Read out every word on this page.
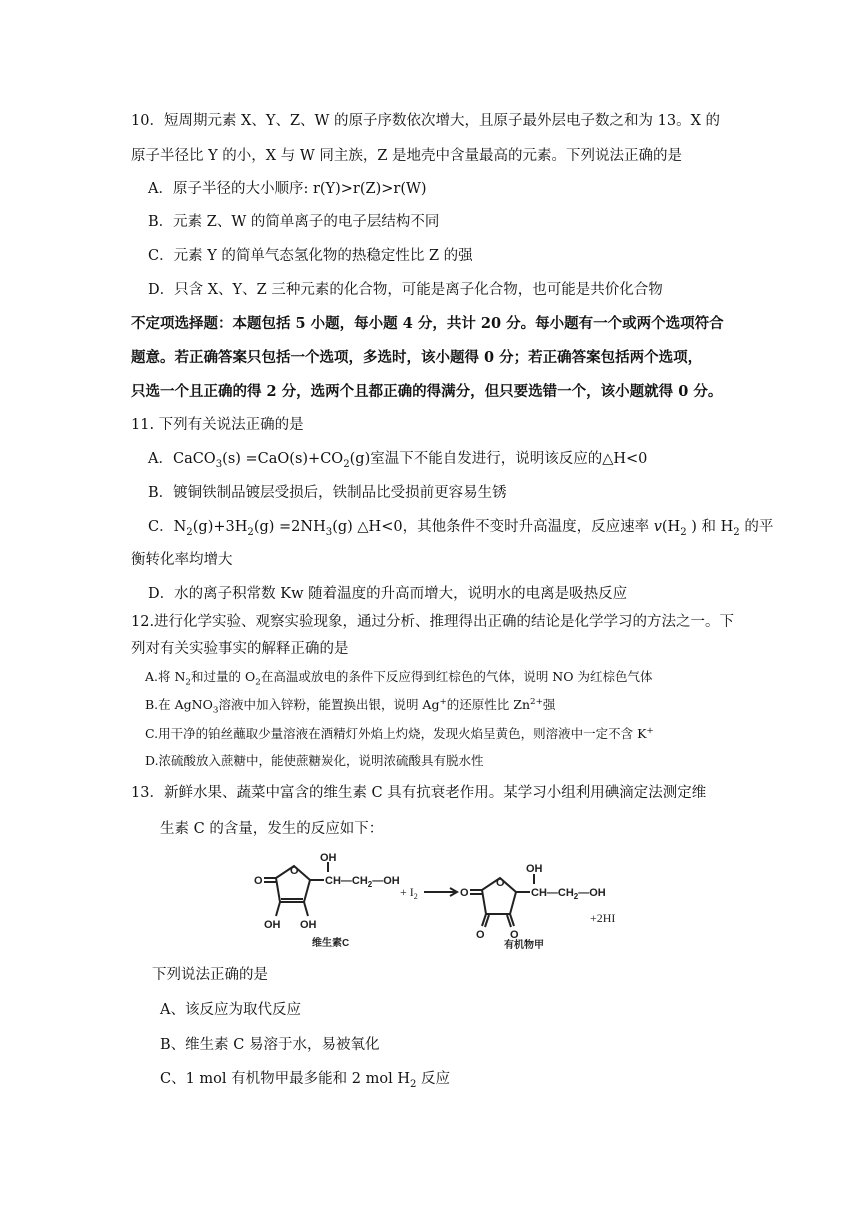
10．短周期元素 X、Y、Z、W 的原子序数依次增大，且原子最外层电子数之和为 13。X 的
原子半径比 Y 的小，X 与 W 同主族，Z 是地壳中含量最高的元素。下列说法正确的是
A．原子半径的大小顺序: r(Y)>r(Z)>r(W)
B．元素 Z、W 的简单离子的电子层结构不同
C．元素 Y 的简单气态氢化物的热稳定性比 Z 的强
D．只含 X、Y、Z 三种元素的化合物，可能是离子化合物，也可能是共价化合物
不定项选择题：本题包括 5 小题，每小题 4 分，共计 20 分。每小题有一个或两个选项符合
题意。若正确答案只包括一个选项，多选时，该小题得 0 分；若正确答案包括两个选项，
只选一个且正确的得 2 分，选两个且都正确的得满分，但只要选错一个，该小题就得 0 分。
11. 下列有关说法正确的是
A．CaCO$_3$(s) $=CaO(s)+CO_2(g)$室温下不能自发进行，说明该反应的△H<0
B．镀铜铁制品镀层受损后，铁制品比受损前更容易生锈
C．$N_2(g)+3H_2(g) =2NH_3(g)$ △H<0，其他条件不变时升高温度，反应速率 $v(H_2$ ) 和 $H_2$ 的平
衡转化率均增大
D．水的离子积常数 Kw 随着温度的升高而增大，说明水的电离是吸热反应
12.进行化学实验、观察实验现象，通过分析、推理得出正确的结论是化学学习的方法之一。下
列对有关实验事实的解释正确的是
A.将 $N_2$和过量的 $O_2$在高温或放电的条件下反应得到红棕色的气体，说明 NO 为红棕色气体
B.在 AgNO$_3$溶液中加入锌粉，能置换出银，说明 Ag+的还原性比 $Zn^{2+}$强
C.用干净的铂丝蘸取少量溶液在酒精灯外焰上灼烧，发现火焰呈黄色，则溶液中一定不含 K+
D.浓硫酸放入蔗糖中，能使蔗糖炭化，说明浓硫酸具有脱水性
13．新鲜水果、蔬菜中富含的维生素 C 具有抗衰老作用。某学习小组利用碘滴定法测定维
生素 C 的含量，发生的反应如下：
O
O
OH
$CH—CH_2—OH$
OH OH
维生素C
+ $I_2$	O
O
OH
$CH—CH_2—OH$
O O
有机物甲
+2HI
下列说法正确的是
A、该反应为取代反应
B、维生素 C 易溶于水，易被氧化
C、1 mol 有机物甲最多能和 2 mol $H_2$ 反应
